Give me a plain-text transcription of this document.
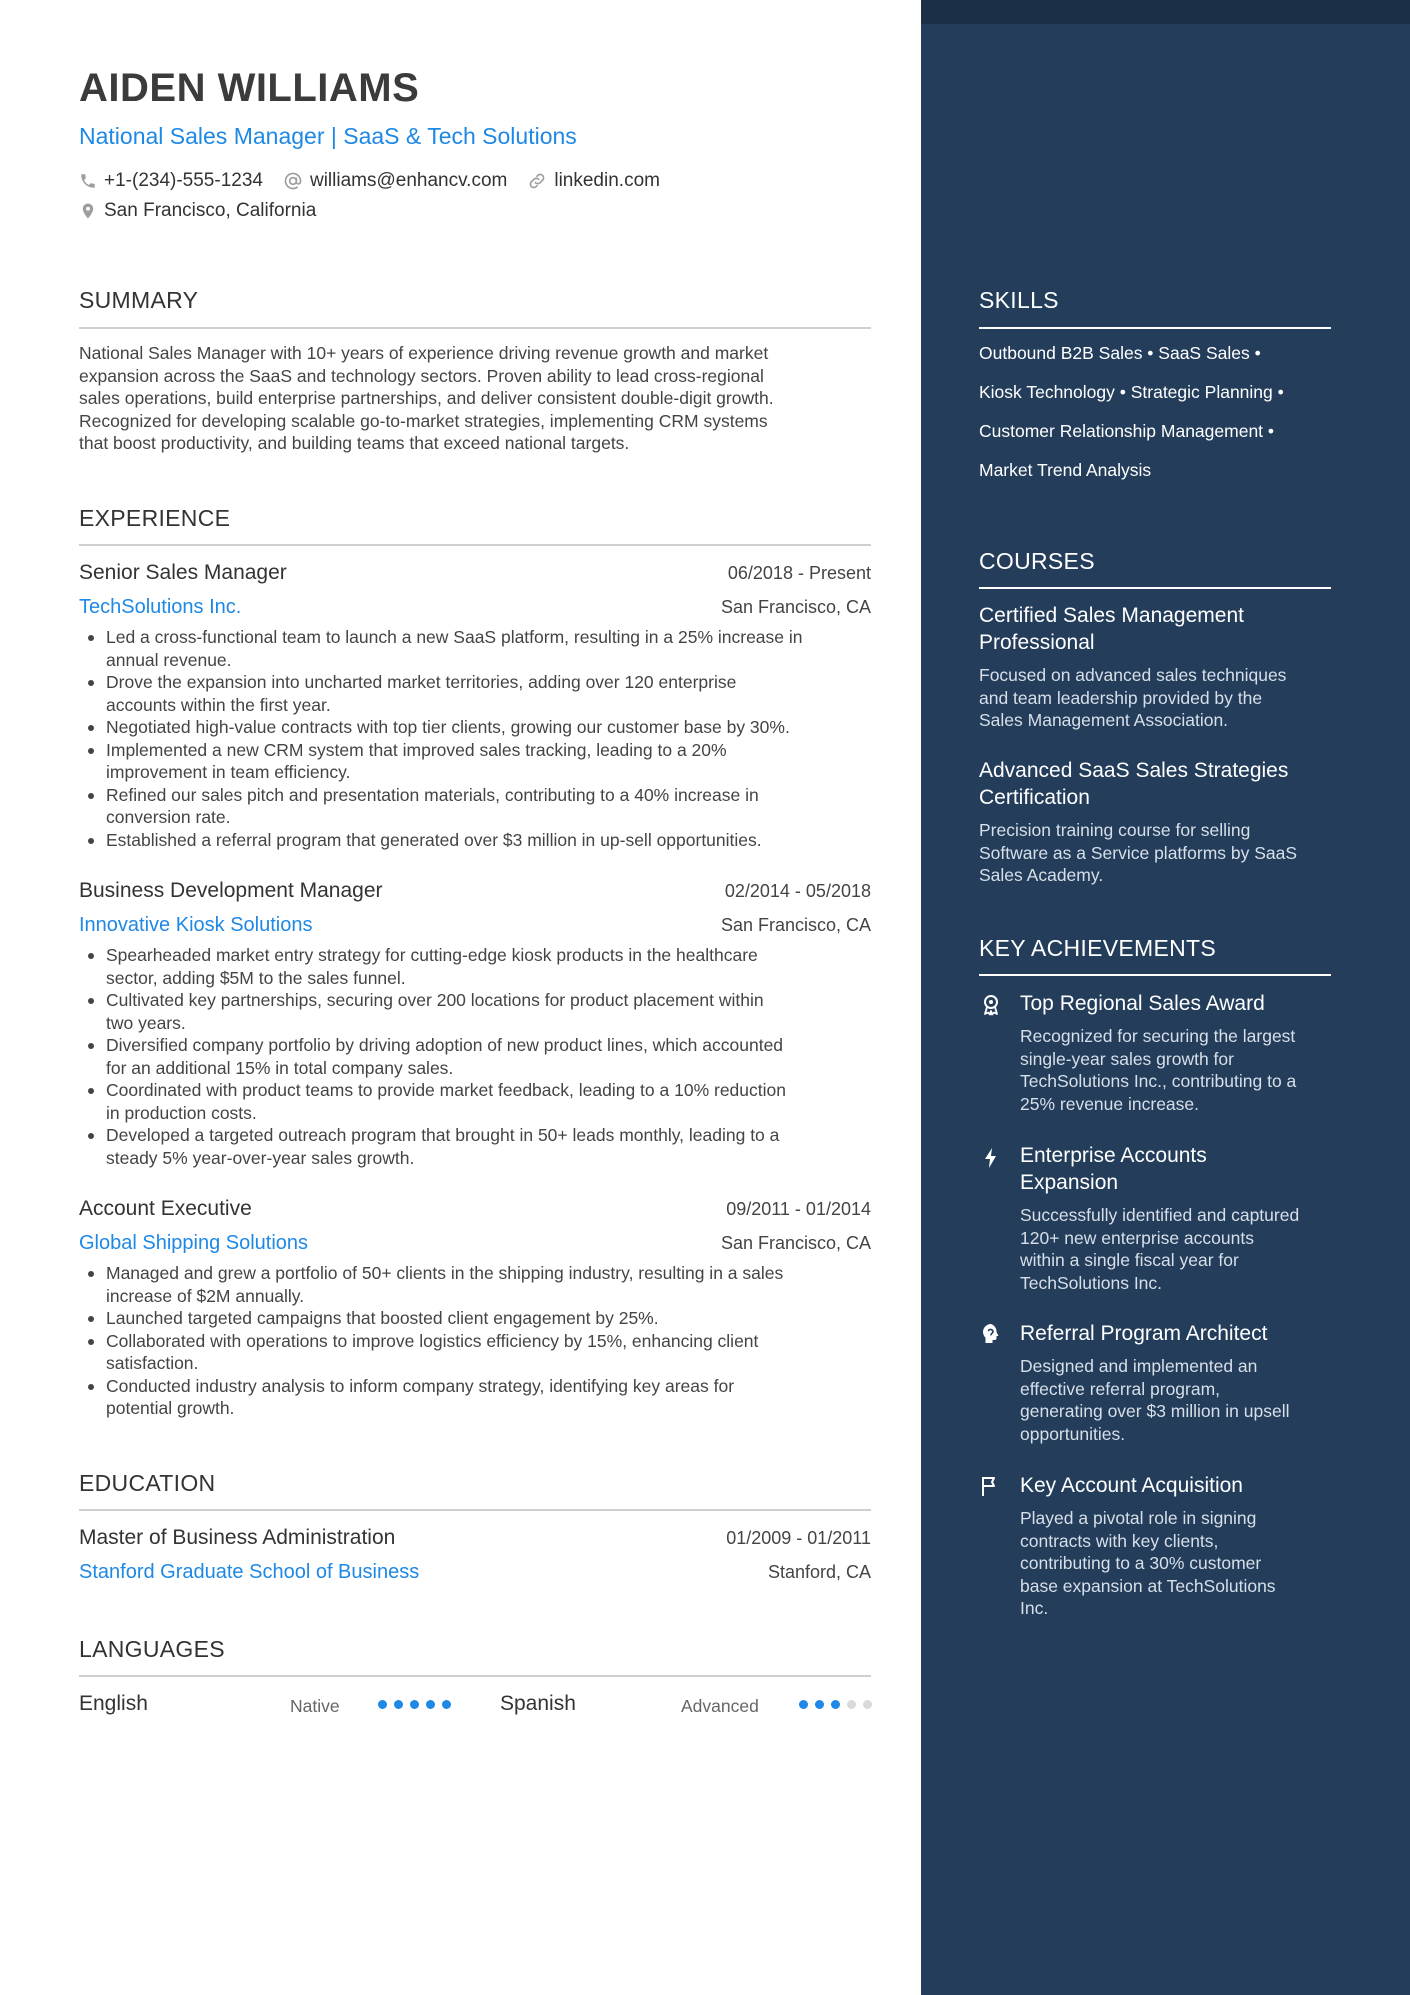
AIDEN WILLIAMS
National Sales Manager | SaaS & Tech Solutions
+1-(234)-555-1234 williams@enhancv.com linkedin.com
San Francisco, California
SUMMARY
National Sales Manager with 10+ years of experience driving revenue growth and market
expansion across the SaaS and technology sectors. Proven ability to lead cross-regional
sales operations, build enterprise partnerships, and deliver consistent double-digit growth.
Recognized for developing scalable go-to-market strategies, implementing CRM systems
that boost productivity, and building teams that exceed national targets.
EXPERIENCE
Senior Sales Manager	06/2018 - Present
TechSolutions Inc.	San Francisco, CA
Led a cross-functional team to launch a new SaaS platform, resulting in a 25% increase in
annual revenue.
Drove the expansion into uncharted market territories, adding over 120 enterprise
accounts within the first year.
Negotiated high-value contracts with top tier clients, growing our customer base by 30%.
Implemented a new CRM system that improved sales tracking, leading to a 20%
improvement in team efficiency.
Refined our sales pitch and presentation materials, contributing to a 40% increase in
conversion rate.
Established a referral program that generated over $3 million in up-sell opportunities.
Business Development Manager	02/2014 - 05/2018
Innovative Kiosk Solutions	San Francisco, CA
Spearheaded market entry strategy for cutting-edge kiosk products in the healthcare
sector, adding $5M to the sales funnel.
Cultivated key partnerships, securing over 200 locations for product placement within
two years.
Diversified company portfolio by driving adoption of new product lines, which accounted
for an additional 15% in total company sales.
Coordinated with product teams to provide market feedback, leading to a 10% reduction
in production costs.
Developed a targeted outreach program that brought in 50+ leads monthly, leading to a
steady 5% year-over-year sales growth.
Account Executive	09/2011 - 01/2014
Global Shipping Solutions	San Francisco, CA
Managed and grew a portfolio of 50+ clients in the shipping industry, resulting in a sales
increase of $2M annually.
Launched targeted campaigns that boosted client engagement by 25%.
Collaborated with operations to improve logistics efficiency by 15%, enhancing client
satisfaction.
Conducted industry analysis to inform company strategy, identifying key areas for
potential growth.
EDUCATION
Master of Business Administration	01/2009 - 01/2011
Stanford Graduate School of Business	Stanford, CA
LANGUAGES
English	Native	Spanish	Advanced
SKILLS
Outbound B2B Sales • SaaS Sales •
Kiosk Technology • Strategic Planning •
Customer Relationship Management •
Market Trend Analysis
COURSES
Certified Sales Management
Professional
Focused on advanced sales techniques
and team leadership provided by the
Sales Management Association.
Advanced SaaS Sales Strategies
Certification
Precision training course for selling
Software as a Service platforms by SaaS
Sales Academy.
KEY ACHIEVEMENTS
Top Regional Sales Award
Recognized for securing the largest
single-year sales growth for
TechSolutions Inc., contributing to a
25% revenue increase.
Enterprise Accounts
Expansion
Successfully identified and captured
120+ new enterprise accounts
within a single fiscal year for
TechSolutions Inc.
Referral Program Architect
Designed and implemented an
effective referral program,
generating over $3 million in upsell
opportunities.
Key Account Acquisition
Played a pivotal role in signing
contracts with key clients,
contributing to a 30% customer
base expansion at TechSolutions
Inc.
